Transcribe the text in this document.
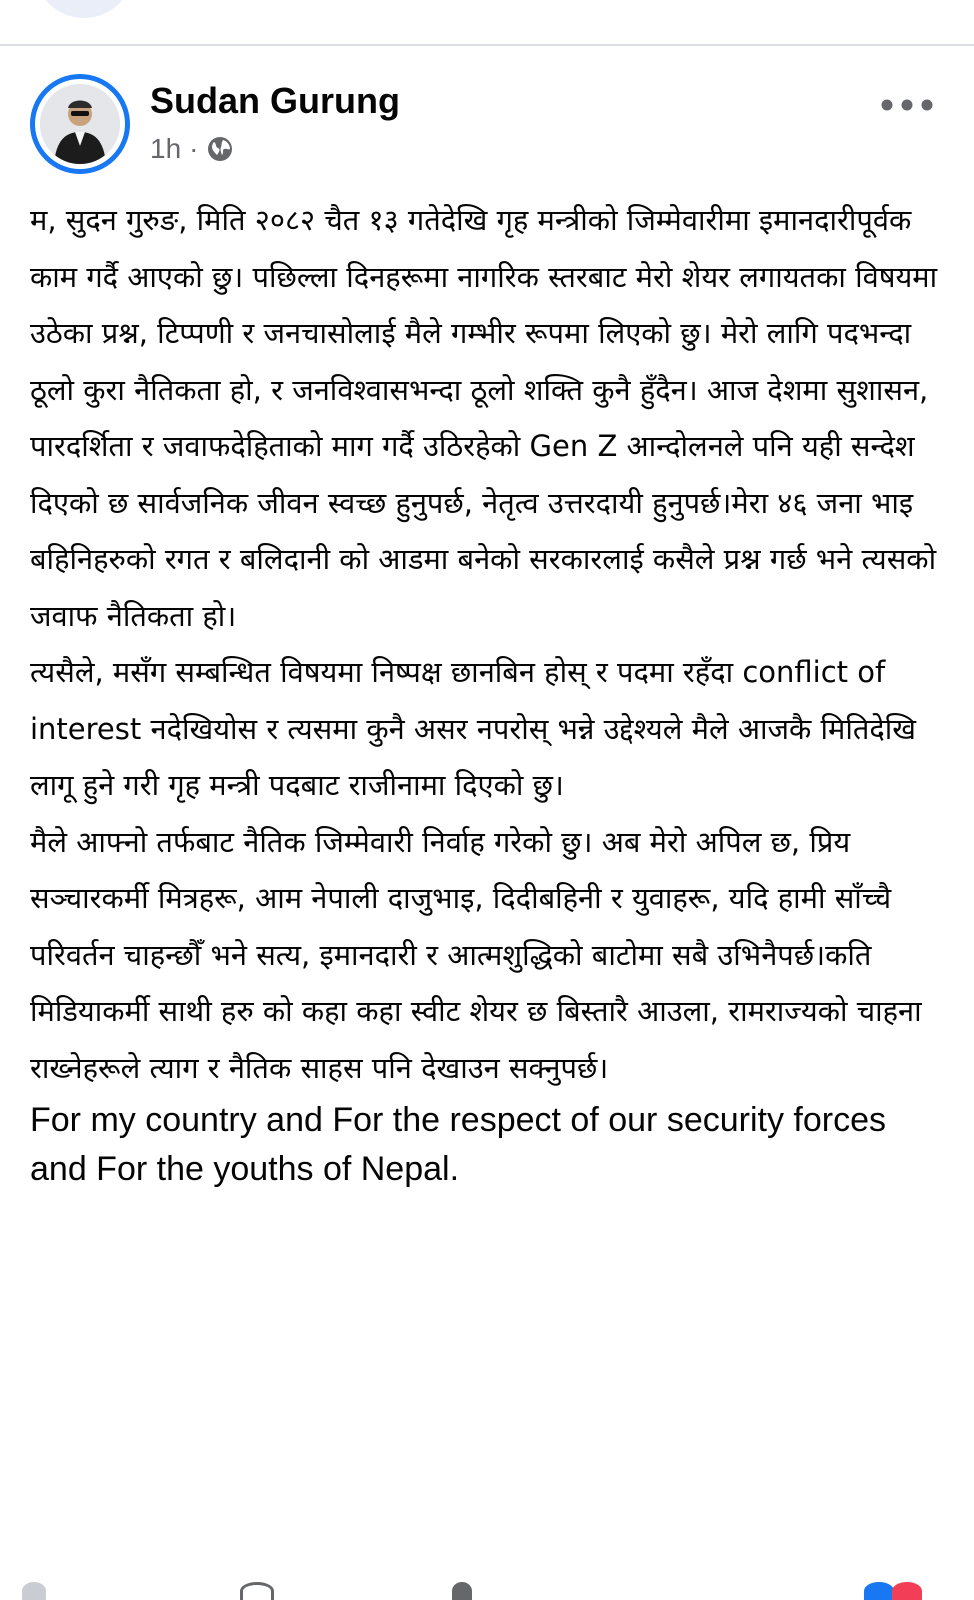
Sudan Gurung
1h ·

म, सुदन गुरुङ, मिति २०८२ चैत १३ गतेदेखि गृह मन्त्रीको जिम्मेवारीमा इमानदारीपूर्वक काम गर्दै आएको छु। पछिल्ला दिनहरूमा नागरिक स्तरबाट मेरो शेयर लगायतका विषयमा उठेका प्रश्न, टिप्पणी र जनचासोलाई मैले गम्भीर रूपमा लिएको छु। मेरो लागि पदभन्दा ठूलो कुरा नैतिकता हो, र जनविश्वासभन्दा ठूलो शक्ति कुनै हुँदैन। आज देशमा सुशासन, पारदर्शिता र जवाफदेहिताको माग गर्दै उठिरहेको Gen Z आन्दोलनले पनि यही सन्देश दिएको छ सार्वजनिक जीवन स्वच्छ हुनुपर्छ, नेतृत्व उत्तरदायी हुनुपर्छ।मेरा ४६ जना भाइ बहिनिहरुको रगत र बलिदानी को आडमा बनेको सरकारलाई कसैले प्रश्न गर्छ भने त्यसको जवाफ नैतिकता हो।

त्यसैले, मसँग सम्बन्धित विषयमा निष्पक्ष छानबिन होस् र पदमा रहँदा conflict of interest नदेखियोस र त्यसमा कुनै असर नपरोस् भन्ने उद्देश्यले मैले आजकै मितिदेखि लागू हुने गरी गृह मन्त्री पदबाट राजीनामा दिएको छु।

मैले आफ्नो तर्फबाट नैतिक जिम्मेवारी निर्वाह गरेको छु। अब मेरो अपिल छ, प्रिय सञ्चारकर्मी मित्रहरू, आम नेपाली दाजुभाइ, दिदीबहिनी र युवाहरू, यदि हामी साँच्चै परिवर्तन चाहन्छौँ भने सत्य, इमानदारी र आत्मशुद्धिको बाटोमा सबै उभिनैपर्छ।कति मिडियाकर्मी साथी हरु को कहा कहा स्वीट शेयर छ बिस्तारै आउला, रामराज्यको चाहना राख्नेहरूले त्याग र नैतिक साहस पनि देखाउन सक्नुपर्छ।

For my country and For the respect of our security forces and For the youths of Nepal.
